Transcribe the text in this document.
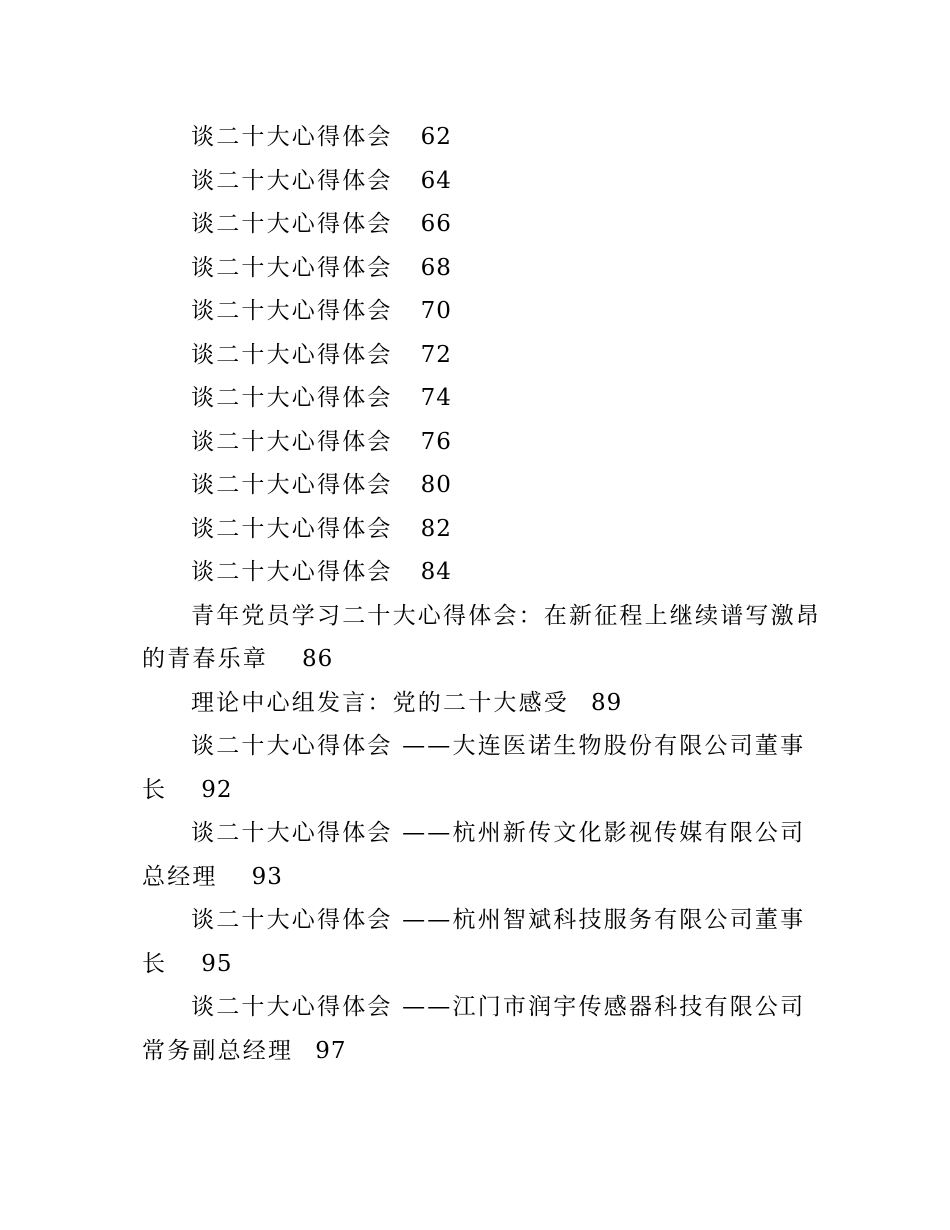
谈二十大心得体会 62
谈二十大心得体会 64
谈二十大心得体会 66
谈二十大心得体会 68
谈二十大心得体会 70
谈二十大心得体会 72
谈二十大心得体会 74
谈二十大心得体会 76
谈二十大心得体会 80
谈二十大心得体会 82
谈二十大心得体会 84
青年党员学习二十大心得体会：在新征程上继续谱写激昂
的青春乐章 86
理论中心组发言：党的二十大感受 89
谈二十大心得体会 ——大连医诺生物股份有限公司董事
长 92
谈二十大心得体会 ——杭州新传文化影视传媒有限公司
总经理 93
谈二十大心得体会 ——杭州智斌科技服务有限公司董事
长 95
谈二十大心得体会 ——江门市润宇传感器科技有限公司
常务副总经理 97
